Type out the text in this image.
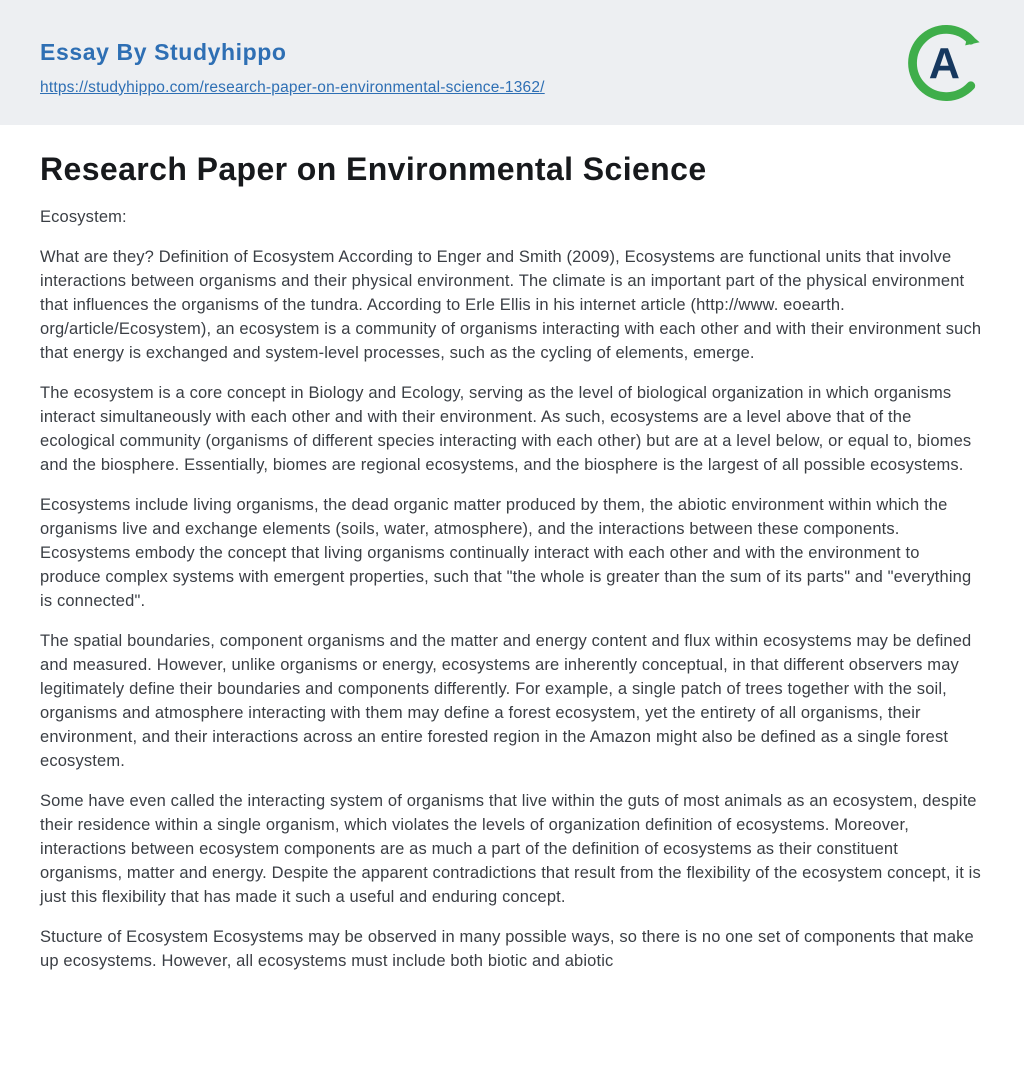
Essay By Studyhippo
https://studyhippo.com/research-paper-on-environmental-science-1362/	A
Research Paper on Environmental Science

Ecosystem:

What are they? Definition of Ecosystem According to Enger and Smith (2009), Ecosystems are functional units that involve interactions between organisms and their physical environment. The climate is an important part of the physical environment that influences the organisms of the tundra. According to Erle Ellis in his internet article (http://www. eoearth. org/article/Ecosystem), an ecosystem is a community of organisms interacting with each other and with their environment such that energy is exchanged and system-level processes, such as the cycling of elements, emerge.

The ecosystem is a core concept in Biology and Ecology, serving as the level of biological organization in which organisms interact simultaneously with each other and with their environment. As such, ecosystems are a level above that of the ecological community (organisms of different species interacting with each other) but are at a level below, or equal to, biomes and the biosphere. Essentially, biomes are regional ecosystems, and the biosphere is the largest of all possible ecosystems.

Ecosystems include living organisms, the dead organic matter produced by them, the abiotic environment within which the organisms live and exchange elements (soils, water, atmosphere), and the interactions between these components. Ecosystems embody the concept that living organisms continually interact with each other and with the environment to produce complex systems with emergent properties, such that "the whole is greater than the sum of its parts" and "everything is connected".

The spatial boundaries, component organisms and the matter and energy content and flux within ecosystems may be defined and measured. However, unlike organisms or energy, ecosystems are inherently conceptual, in that different observers may legitimately define their boundaries and components differently. For example, a single patch of trees together with the soil, organisms and atmosphere interacting with them may define a forest ecosystem, yet the entirety of all organisms, their environment, and their interactions across an entire forested region in the Amazon might also be defined as a single forest ecosystem.

Some have even called the interacting system of organisms that live within the guts of most animals as an ecosystem, despite their residence within a single organism, which violates the levels of organization definition of ecosystems. Moreover, interactions between ecosystem components are as much a part of the definition of ecosystems as their constituent organisms, matter and energy. Despite the apparent contradictions that result from the flexibility of the ecosystem concept, it is just this flexibility that has made it such a useful and enduring concept.

Stucture of Ecosystem Ecosystems may be observed in many possible ways, so there is no one set of components that make up ecosystems. However, all ecosystems must include both biotic and abiotic
